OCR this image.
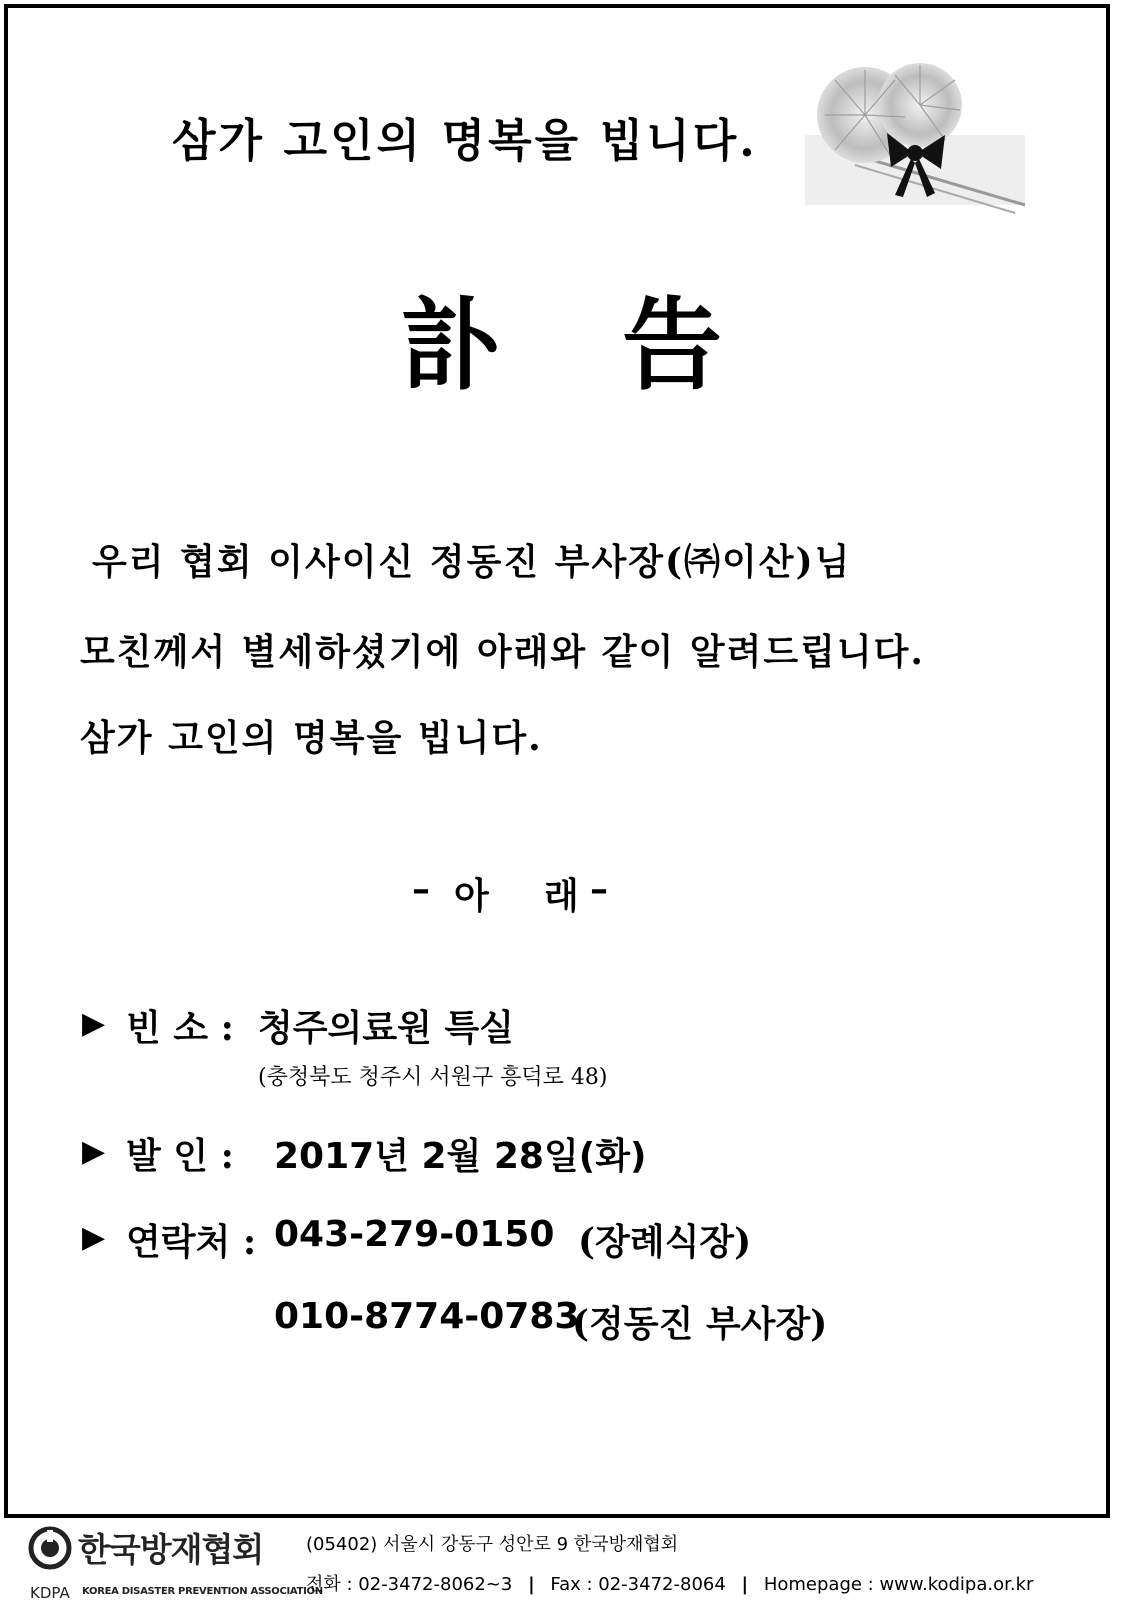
삼가 고인의 명복을 빕니다.
訃 告
우리 협회 이사이신 정동진 부사장(㈜이산)님
모친께서 별세하셨기에 아래와 같이 알려드립니다.
삼가 고인의 명복을 빕니다.
– 아 래 –
▶ 빈 소 : 청주의료원 특실
(충청북도 청주시 서원구 흥덕로 48)
▶ 발 인 : 2017년 2월 28일(화)
▶ 연락처 : 043-279-0150 (장례식장)
010-8774-0783
(정동진 부사장)
한국방재협회
KDPA KOREA DISASTER PREVENTION ASSOCIATION
(05402) 서울시 강동구 성안로 9 한국방재협회
전화 : 02-3472-8062~3 | Fax : 02-3472-8064 | Homepage : www.kodipa.or.kr
